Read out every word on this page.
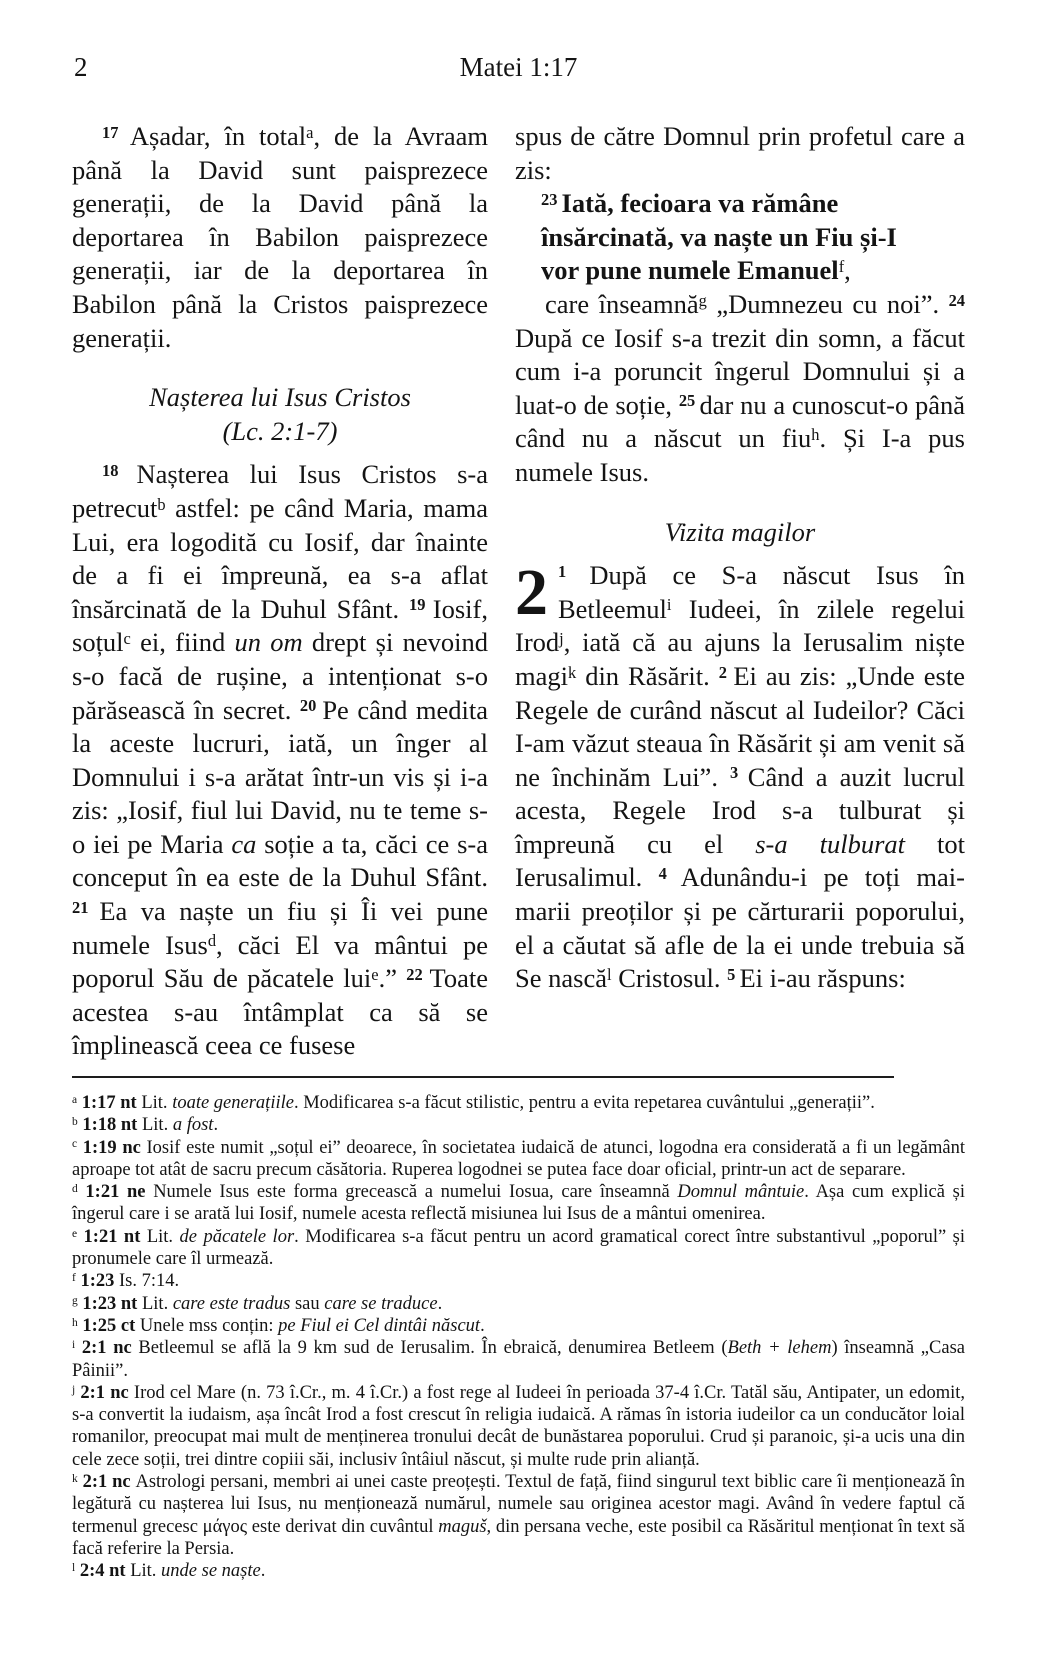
2	Matei 1:17

$^{17}$ Așadar, în total$^a$, de la Avraam până la David sunt paisprezece generații, de la David până la deportarea în Babilon paisprezece generații, iar de la deportarea în Babilon până la Cristos paisprezece generații.

Nașterea lui Isus Cristos
(Lc. 2:1-7)

$^{18}$ Nașterea lui Isus Cristos s-a petrecut$^b$ astfel: pe când Maria, mama Lui, era logodită cu Iosif, dar înainte de a fi ei împreună, ea s-a aflat însărcinată de la Duhul Sfânt. $^{19}$ Iosif, soțul$^c$ ei, fiind un om drept și nevoind s-o facă de rușine, a intenționat s-o părăsească în secret. $^{20}$ Pe când medita la aceste lucruri, iată, un înger al Domnului i s-a arătat într-un vis și i-a zis: „Iosif, fiul lui David, nu te teme s-o iei pe Maria ca soție a ta, căci ce s-a conceput în ea este de la Duhul Sfânt. $^{21}$ Ea va naște un fiu și Îi vei pune numele Isus$^d$, căci El va mântui pe poporul Său de păcatele lui$^e$.” $^{22}$ Toate acestea s-au întâmplat ca să se împlinească ceea ce fusese

spus de către Domnul prin profetul care a zis:

$^{23}$ Iată, fecioara va rămâne
însărcinată, va naște un Fiu și-I
vor pune numele Emanuel$^f$,

care înseamnă$^g$ „Dumnezeu cu noi”. $^{24}$ După ce Iosif s-a trezit din somn, a făcut cum i-a poruncit îngerul Domnului și a luat-o de soție, $^{25}$ dar nu a cunoscut-o până când nu a născut un fiu$^h$. Și I-a pus numele Isus.

Vizita magilor

2 $^1$ După ce S-a născut Isus în Betleemul$^i$ Iudeei, în zilele regelui Irod$^j$, iată că au ajuns la Ierusalim niște magi$^k$ din Răsărit. $^2$ Ei au zis: „Unde este Regele de curând născut al Iudeilor? Căci I-am văzut steaua în Răsărit și am venit să ne închinăm Lui”. $^3$ Când a auzit lucrul acesta, Regele Irod s-a tulburat și împreună cu el s-a tulburat tot Ierusalimul. $^4$ Adunându-i pe toți mai-marii preoților și pe cărturarii poporului, el a căutat să afle de la ei unde trebuia să Se nască$^l$ Cristosul. $^5$ Ei i-au răspuns:

$^a$ 1:17 nt Lit. toate generațiile. Modificarea s-a făcut stilistic, pentru a evita repetarea cuvântului „generații”.

$^b$ 1:18 nt Lit. a fost.

$^c$ 1:19 nc Iosif este numit „soțul ei” deoarece, în societatea iudaică de atunci, logodna era considerată a fi un legământ aproape tot atât de sacru precum căsătoria. Ruperea logodnei se putea face doar oficial, printr-un act de separare.

$^d$ 1:21 ne Numele Isus este forma grecească a numelui Iosua, care înseamnă Domnul mântuie. Așa cum explică și îngerul care i se arată lui Iosif, numele acesta reflectă misiunea lui Isus de a mântui omenirea.

$^e$ 1:21 nt Lit. de păcatele lor. Modificarea s-a făcut pentru un acord gramatical corect între substantivul „poporul” și pronumele care îl urmează.

$^f$ 1:23 Is. 7:14.

$^g$ 1:23 nt Lit. care este tradus sau care se traduce.

$^h$ 1:25 ct Unele mss conțin: pe Fiul ei Cel dintâi născut.

$^i$ 2:1 nc Betleemul se află la 9 km sud de Ierusalim. În ebraică, denumirea Betleem (Beth + lehem) înseamnă „Casa Pâinii”.

$^j$ 2:1 nc Irod cel Mare (n. 73 î.Cr., m. 4 î.Cr.) a fost rege al Iudeei în perioada 37-4 î.Cr. Tatăl său, Antipater, un edomit, s-a convertit la iudaism, așa încât Irod a fost crescut în religia iudaică. A rămas în istoria iudeilor ca un conducător loial romanilor, preocupat mai mult de menținerea tronului decât de bunăstarea poporului. Crud și paranoic, și-a ucis una din cele zece soții, trei dintre copiii săi, inclusiv întâiul născut, și multe rude prin alianță.

$^k$ 2:1 nc Astrologi persani, membri ai unei caste preoțești. Textul de față, fiind singurul text biblic care îi menționează în legătură cu nașterea lui Isus, nu menționează numărul, numele sau originea acestor magi. Având în vedere faptul că termenul grecesc μάγος este derivat din cuvântul maguš, din persana veche, este posibil ca Răsăritul menționat în text să facă referire la Persia.

$^l$ 2:4 nt Lit. unde se naște.
